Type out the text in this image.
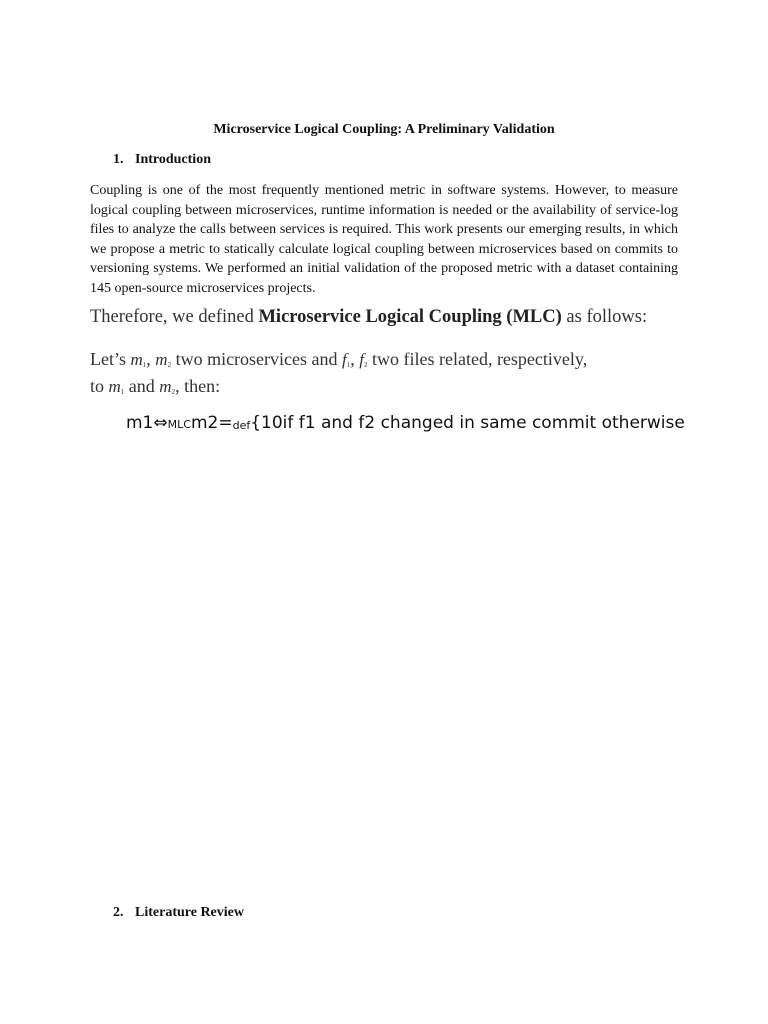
Microservice Logical Coupling: A Preliminary Validation

1. Introduction

Coupling is one of the most frequently mentioned metric in software systems. However, to measure logical coupling between microservices, runtime information is needed or the availability of service-log files to analyze the calls between services is required. This work presents our emerging results, in which we propose a metric to statically calculate logical coupling between microservices based on commits to versioning systems. We performed an initial validation of the proposed metric with a dataset containing 145 open-source microservices projects.

Therefore, we defined Microservice Logical Coupling (MLC) as follows:

Let’s $m_1$, $m_2$ two microservices and $f_1$, $f_2$ two files related, respectively,
to $m_1$ and $m_2$, then:

m1⇔MLCm2=def{10if f1 and f2 changed in same commit otherwise

2. Literature Review
